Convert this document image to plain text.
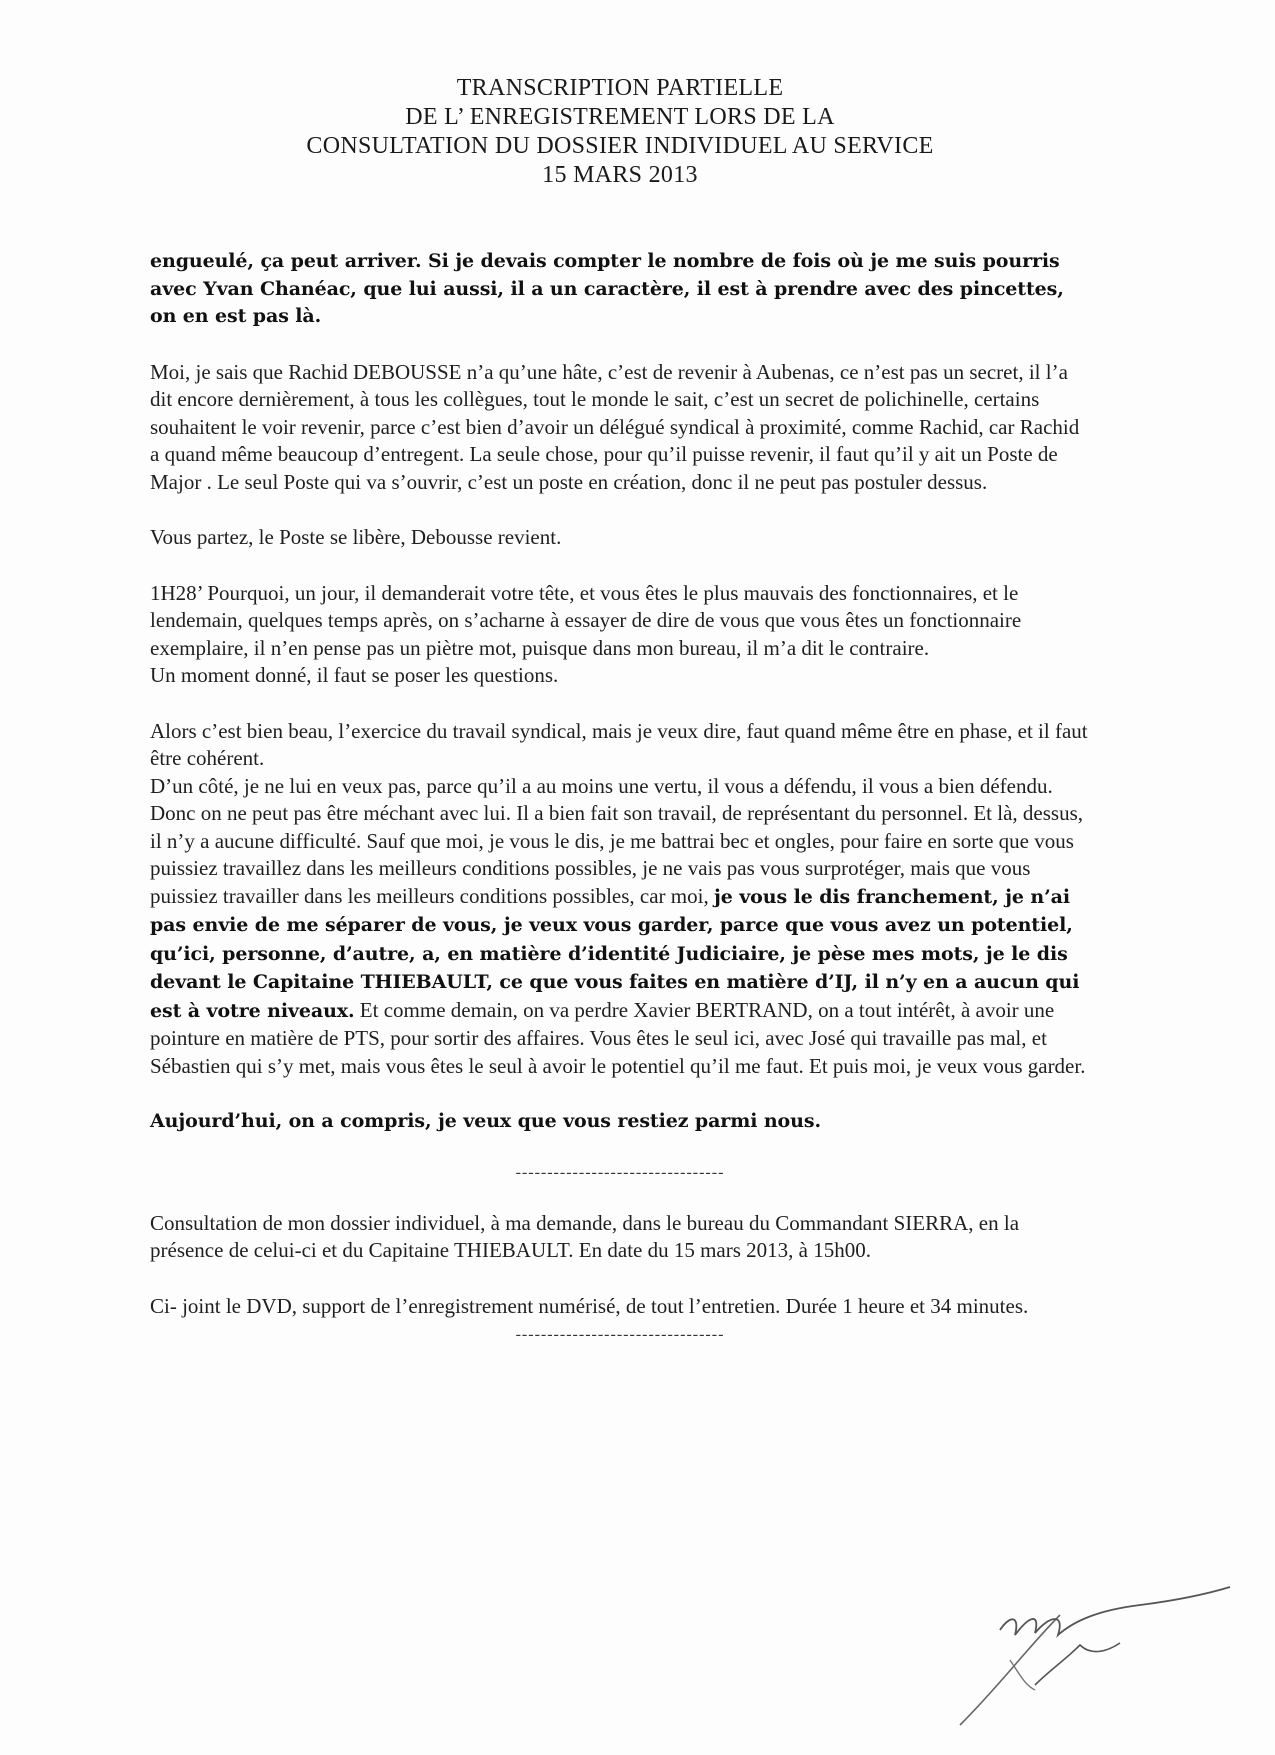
TRANSCRIPTION PARTIELLE
DE L’ ENREGISTREMENT LORS DE LA
CONSULTATION DU DOSSIER INDIVIDUEL AU SERVICE
15 MARS 2013

engueulé, ça peut arriver. Si je devais compter le nombre de fois où je me suis pourris avec Yvan Chanéac, que lui aussi, il a un caractère, il est à prendre avec des pincettes, on en est pas là.

Moi, je sais que Rachid DEBOUSSE n’a qu’une hâte, c’est de revenir à Aubenas, ce n’est pas un secret, il l’a dit encore dernièrement, à tous les collègues, tout le monde le sait, c’est un secret de polichinelle, certains souhaitent le voir revenir, parce c’est bien d’avoir un délégué syndical à proximité, comme Rachid, car Rachid a quand même beaucoup d’entregent. La seule chose, pour qu’il puisse revenir, il faut qu’il y ait un Poste de Major . Le seul Poste qui va s’ouvrir, c’est un poste en création, donc il ne peut pas postuler dessus.

Vous partez, le Poste se libère, Debousse revient.

1H28’ Pourquoi, un jour, il demanderait votre tête, et vous êtes le plus mauvais des fonctionnaires, et le lendemain, quelques temps après, on s’acharne à essayer de dire de vous que vous êtes un fonctionnaire exemplaire, il n’en pense pas un piètre mot, puisque dans mon bureau, il m’a dit le contraire.

Un moment donné, il faut se poser les questions.

Alors c’est bien beau, l’exercice du travail syndical, mais je veux dire, faut quand même être en phase, et il faut être cohérent.

D’un côté, je ne lui en veux pas, parce qu’il a au moins une vertu, il vous a défendu, il vous a bien défendu.

Donc on ne peut pas être méchant avec lui. Il a bien fait son travail, de représentant du personnel. Et là, dessus, il n’y a aucune difficulté. Sauf que moi, je vous le dis, je me battrai bec et ongles, pour faire en sorte que vous puissiez travaillez dans les meilleurs conditions possibles, je ne vais pas vous surprotéger, mais que vous puissiez travailler dans les meilleurs conditions possibles, car moi, je vous le dis franchement, je n’ai pas envie de me séparer de vous, je veux vous garder, parce que vous avez un potentiel, qu’ici, personne, d’autre, a, en matière d’identité Judiciaire, je pèse mes mots, je le dis devant le Capitaine THIEBAULT, ce que vous faites en matière d’IJ, il n’y en a aucun qui est à votre niveaux. Et comme demain, on va perdre Xavier BERTRAND, on a tout intérêt, à avoir une pointure en matière de PTS, pour sortir des affaires. Vous êtes le seul ici, avec José qui travaille pas mal, et Sébastien qui s’y met, mais vous êtes le seul à avoir le potentiel qu’il me faut. Et puis moi, je veux vous garder.

Aujourd’hui, on a compris, je veux que vous restiez parmi nous.

---------------------------------

Consultation de mon dossier individuel, à ma demande, dans le bureau du Commandant SIERRA, en la présence de celui-ci et du Capitaine THIEBAULT. En date du 15 mars 2013, à 15h00.

Ci- joint le DVD, support de l’enregistrement numérisé, de tout l’entretien. Durée 1 heure et 34 minutes.

---------------------------------
